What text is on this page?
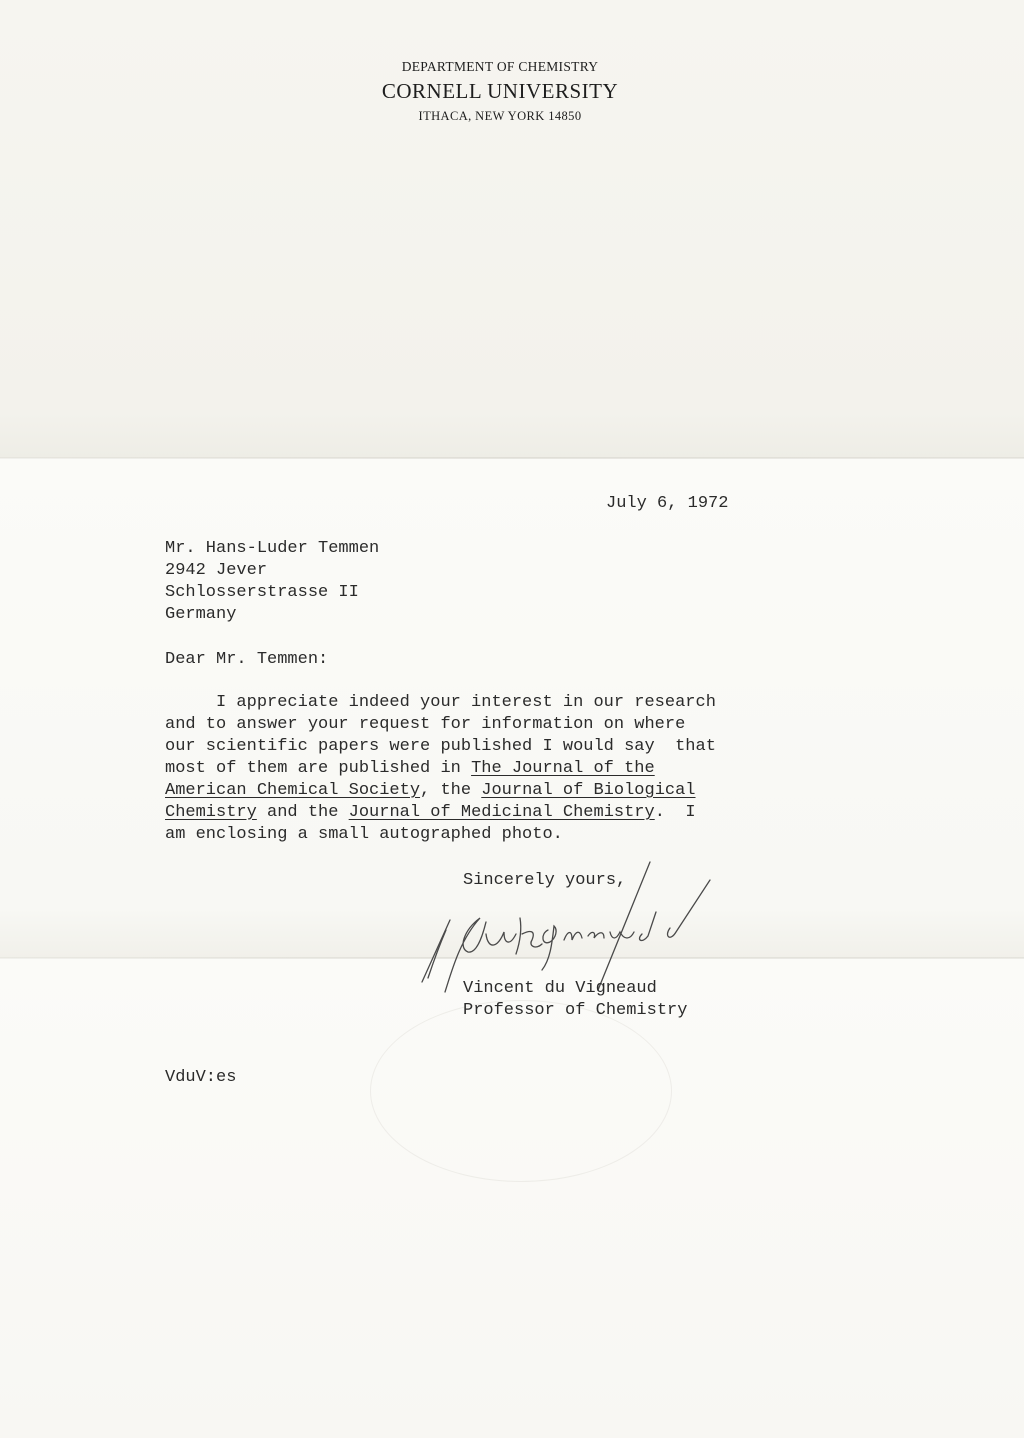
DEPARTMENT OF CHEMISTRY
CORNELL UNIVERSITY
ITHACA, NEW YORK 14850
July 6, 1972
Mr. Hans-Luder Temmen
2942 Jever
Schlosserstrasse II
Germany
Dear Mr. Temmen:
I appreciate indeed your interest in our research
and to answer your request for information on where
our scientific papers were published I would say  that
most of them are published in The Journal of the
American Chemical Society, the Journal of Biological
Chemistry and the Journal of Medicinal Chemistry.  I
am enclosing a small autographed photo.
Sincerely yours,
Vincent du Vigneaud
Professor of Chemistry
VduV:es
